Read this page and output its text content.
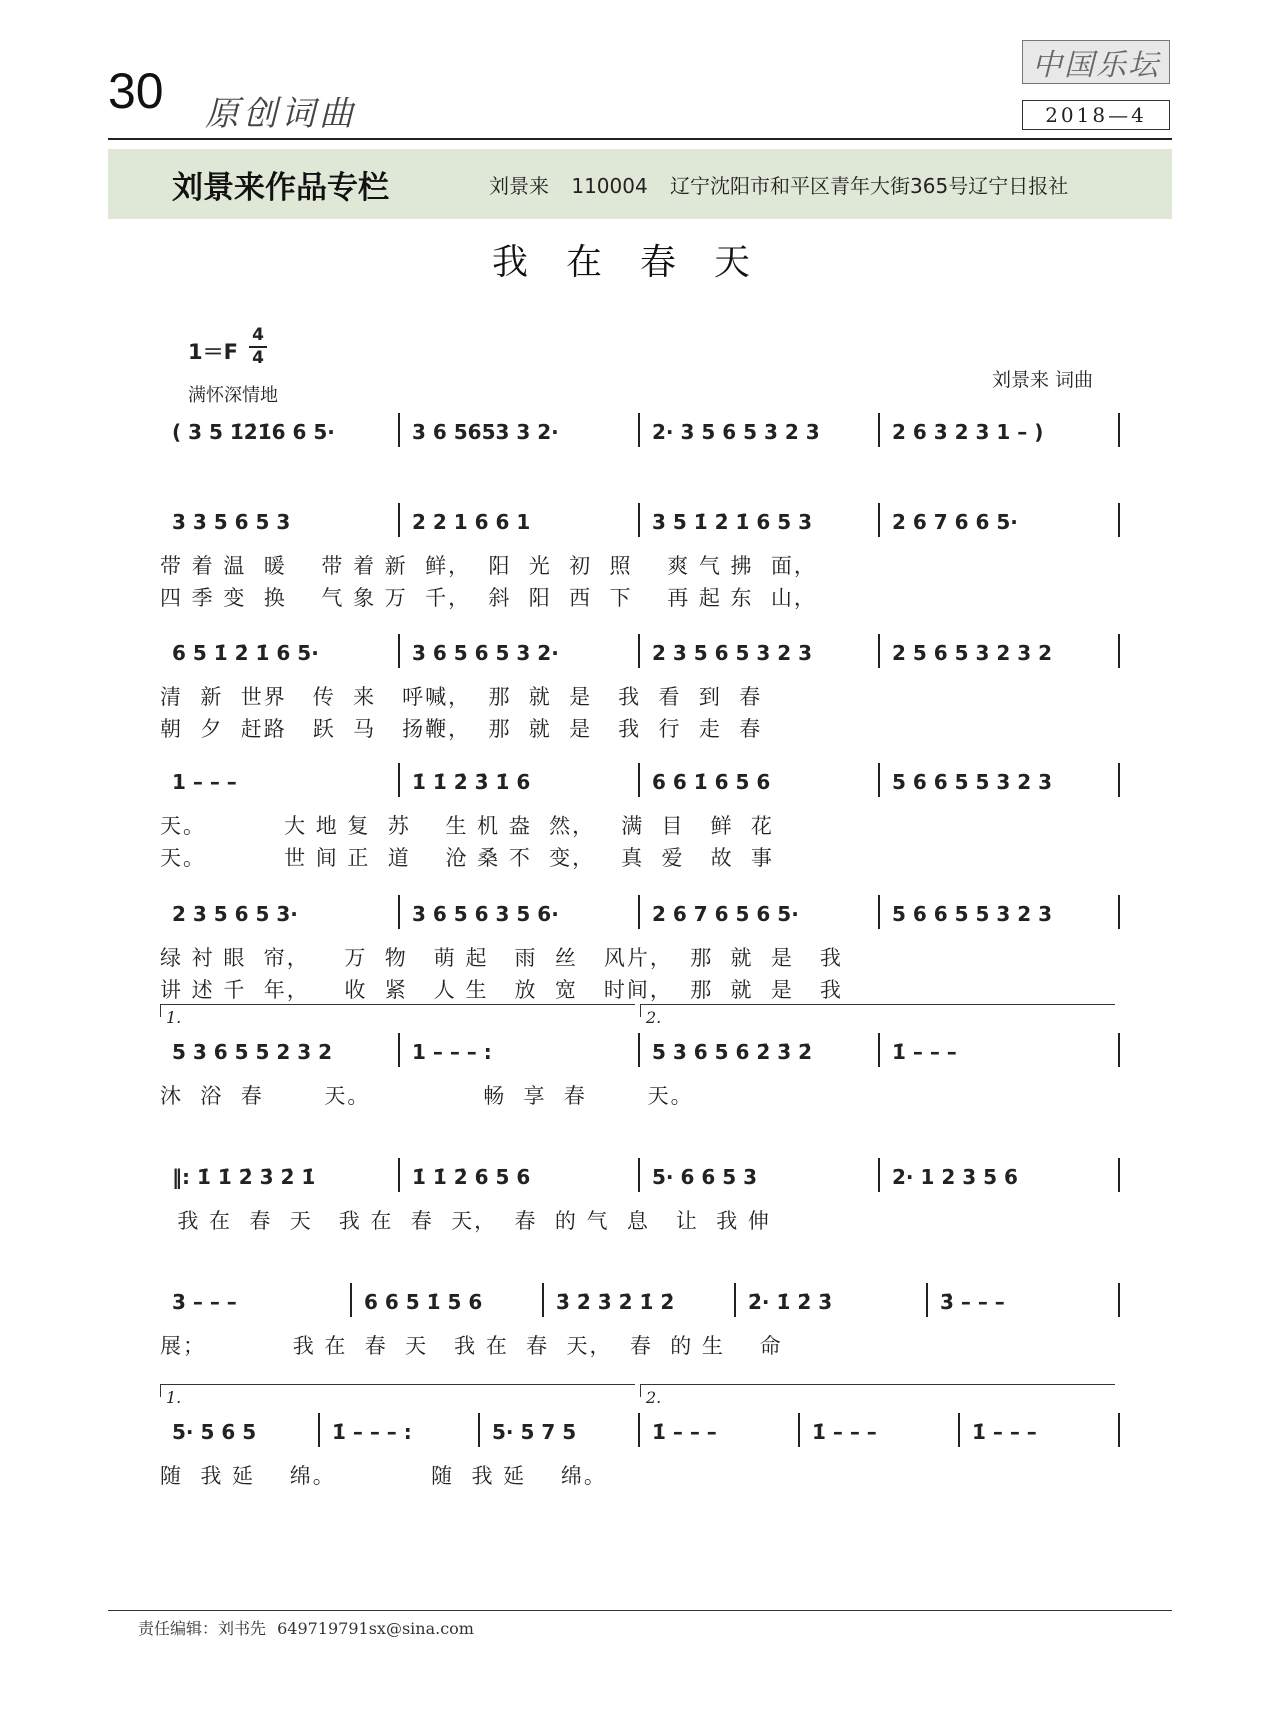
30 原创词曲
中国乐坛
2018—4
刘景来作品专栏	刘景来 110004 辽宁沈阳市和平区青年大街365号辽宁日报社
我在春天
1＝F
4
4
满怀深情地
刘景来 词曲
( 3 5 1̇2̇1̇6 6 5·	3 6 5653 3 2·	2· 3 5 6 5 3 2 3	2 6 3 2 3 1 – )
3 3 5 6 5 3	2 2 1 6 6 1	3 5 1̇ 2̇ 1̇ 6 5 3	2 6 7 6 6 5·
带 着 温  暖    带 着 新  鲜，  阳  光  初  照    爽 气 拂  面，
四 季 变  换    气 象 万  千，  斜  阳  西  下    再 起 东  山，
6 5 1̇ 2̇ 1̇ 6 5·	3 6 5 6 5 3 2·	2 3 5 6 5 3 2 3	2 5 6 5 3 2 3 2
清  新  世界   传  来   呼喊，  那  就  是   我  看  到  春
朝  夕  赶路   跃  马   扬鞭，  那  就  是   我  行  走  春
1 – – –	1̇ 1̇ 2̇ 3̇ 1̇ 6	6 6 1̇ 6 5 6	5 6 6 5 5 3 2 3
天。         大 地 复  苏    生 机 盎  然，   满  目   鲜  花
天。         世 间 正  道    沧 桑 不  变，   真  爱   故  事
2 3 5 6 5 3·	3 6 5 6 3 5 6·	2 6 7 6 5 6 5·	5 6 6 5 5 3 2 3
绿 衬 眼  帘，    万  物   萌 起   雨  丝   风片，  那  就  是   我
讲 述 千  年，    收  紧   人 生   放  宽   时间，  那  就  是   我
5 3 6 5 5 2 3 2	1 – – – :	5 3 6 5 6 2̇ 3̇ 2̇	1̇ – – –
1.	2.
沐  浴  春       天。             畅  享  春       天。
‖: 1̇ 1̇ 2̇ 3̇ 2̇ 1̇	1̇ 1̇ 2̇ 6 5 6	5· 6 6 5 3	2· 1 2 3 5 6
我 在  春  天   我 在  春  天，  春  的 气  息   让  我 伸
3 – – –	6 6 5 1̇ 5 6	3̇ 2̇ 3̇ 2̇ 1̇ 2̇	2̇· 1̇ 2̇ 3̇	3̇ – – –
展；          我 在  春  天   我 在  春  天，  春  的 生    命
5· 5 6 5	1̇ – – – :	5· 5 7 5	1̇ – – –	1̇ – – –	1̇ – – –
1.	2.
随  我 延    绵。           随  我 延    绵。
责任编辑：刘书先 649719791sx@sina.com
